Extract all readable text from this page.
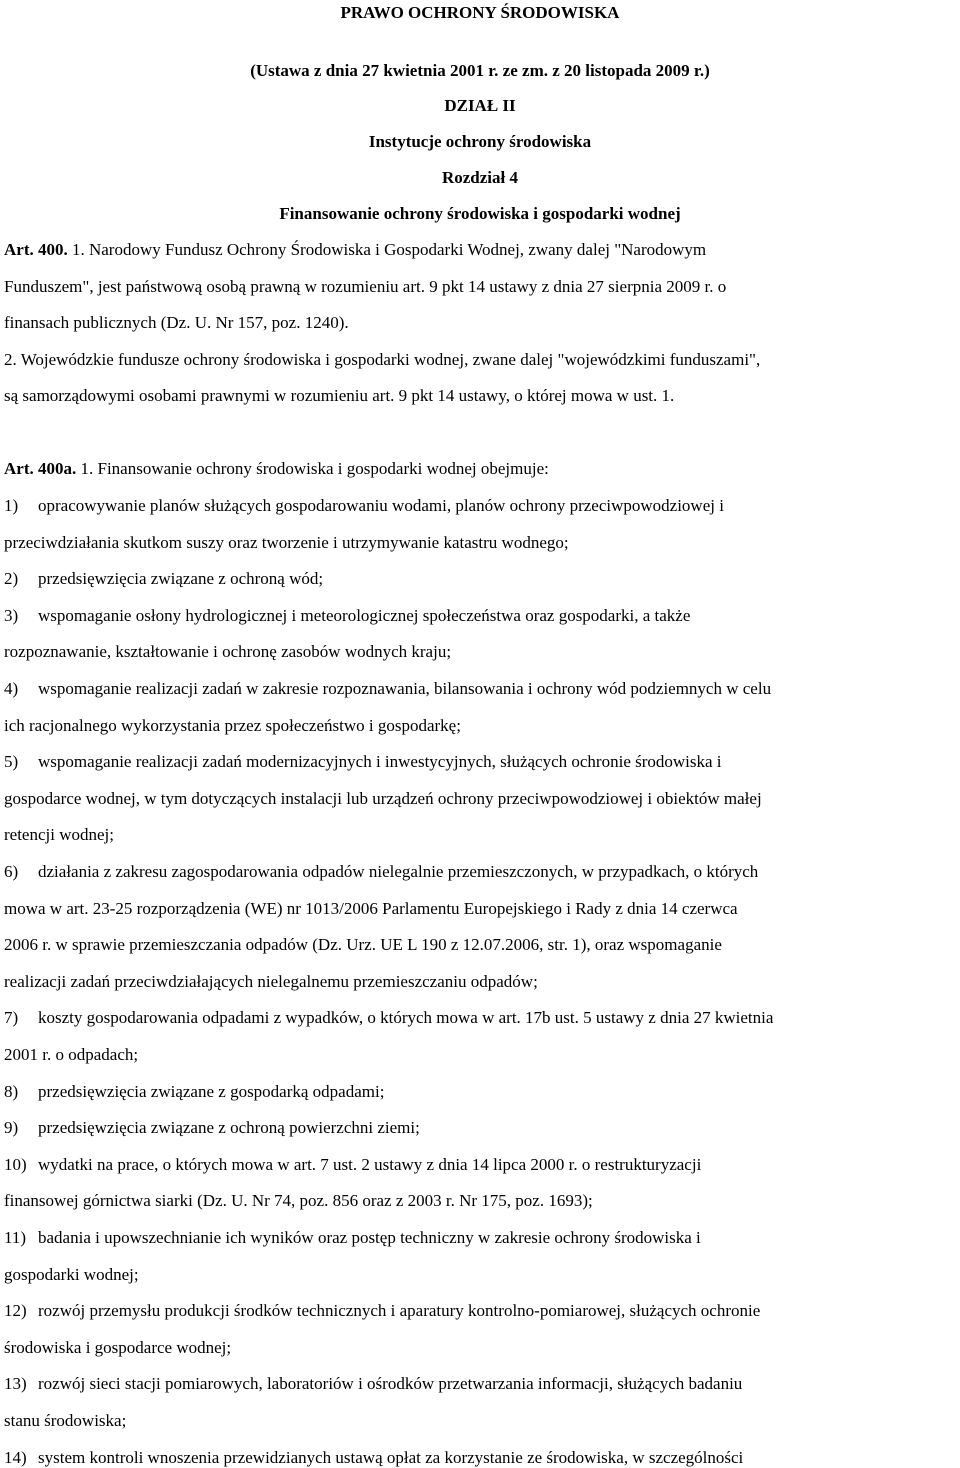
PRAWO OCHRONY ŚRODOWISKA
(Ustawa z dnia 27 kwietnia 2001 r. ze zm. z 20 listopada 2009 r.)
DZIAŁ II
Instytucje ochrony środowiska
Rozdział 4
Finansowanie ochrony środowiska i gospodarki wodnej
Art. 400. 1. Narodowy Fundusz Ochrony Środowiska i Gospodarki Wodnej, zwany dalej "Narodowym
Funduszem", jest państwową osobą prawną w rozumieniu art. 9 pkt 14 ustawy z dnia 27 sierpnia 2009 r. o
finansach publicznych (Dz. U. Nr 157, poz. 1240).
2. Wojewódzkie fundusze ochrony środowiska i gospodarki wodnej, zwane dalej "wojewódzkimi funduszami",
są samorządowymi osobami prawnymi w rozumieniu art. 9 pkt 14 ustawy, o której mowa w ust. 1.
Art. 400a. 1. Finansowanie ochrony środowiska i gospodarki wodnej obejmuje:
1) opracowywanie planów służących gospodarowaniu wodami, planów ochrony przeciwpowodziowej i
przeciwdziałania skutkom suszy oraz tworzenie i utrzymywanie katastru wodnego;
2) przedsięwzięcia związane z ochroną wód;
3) wspomaganie osłony hydrologicznej i meteorologicznej społeczeństwa oraz gospodarki, a także
rozpoznawanie, kształtowanie i ochronę zasobów wodnych kraju;
4) wspomaganie realizacji zadań w zakresie rozpoznawania, bilansowania i ochrony wód podziemnych w celu
ich racjonalnego wykorzystania przez społeczeństwo i gospodarkę;
5) wspomaganie realizacji zadań modernizacyjnych i inwestycyjnych, służących ochronie środowiska i
gospodarce wodnej, w tym dotyczących instalacji lub urządzeń ochrony przeciwpowodziowej i obiektów małej
retencji wodnej;
6) działania z zakresu zagospodarowania odpadów nielegalnie przemieszczonych, w przypadkach, o których
mowa w art. 23-25 rozporządzenia (WE) nr 1013/2006 Parlamentu Europejskiego i Rady z dnia 14 czerwca
2006 r. w sprawie przemieszczania odpadów (Dz. Urz. UE L 190 z 12.07.2006, str. 1), oraz wspomaganie
realizacji zadań przeciwdziałających nielegalnemu przemieszczaniu odpadów;
7) koszty gospodarowania odpadami z wypadków, o których mowa w art. 17b ust. 5 ustawy z dnia 27 kwietnia
2001 r. o odpadach;
8) przedsięwzięcia związane z gospodarką odpadami;
9) przedsięwzięcia związane z ochroną powierzchni ziemi;
10) wydatki na prace, o których mowa w art. 7 ust. 2 ustawy z dnia 14 lipca 2000 r. o restrukturyzacji
finansowej górnictwa siarki (Dz. U. Nr 74, poz. 856 oraz z 2003 r. Nr 175, poz. 1693);
11) badania i upowszechnianie ich wyników oraz postęp techniczny w zakresie ochrony środowiska i
gospodarki wodnej;
12) rozwój przemysłu produkcji środków technicznych i aparatury kontrolno-pomiarowej, służących ochronie
środowiska i gospodarce wodnej;
13) rozwój sieci stacji pomiarowych, laboratoriów i ośrodków przetwarzania informacji, służących badaniu
stanu środowiska;
14) system kontroli wnoszenia przewidzianych ustawą opłat za korzystanie ze środowiska, w szczególności
